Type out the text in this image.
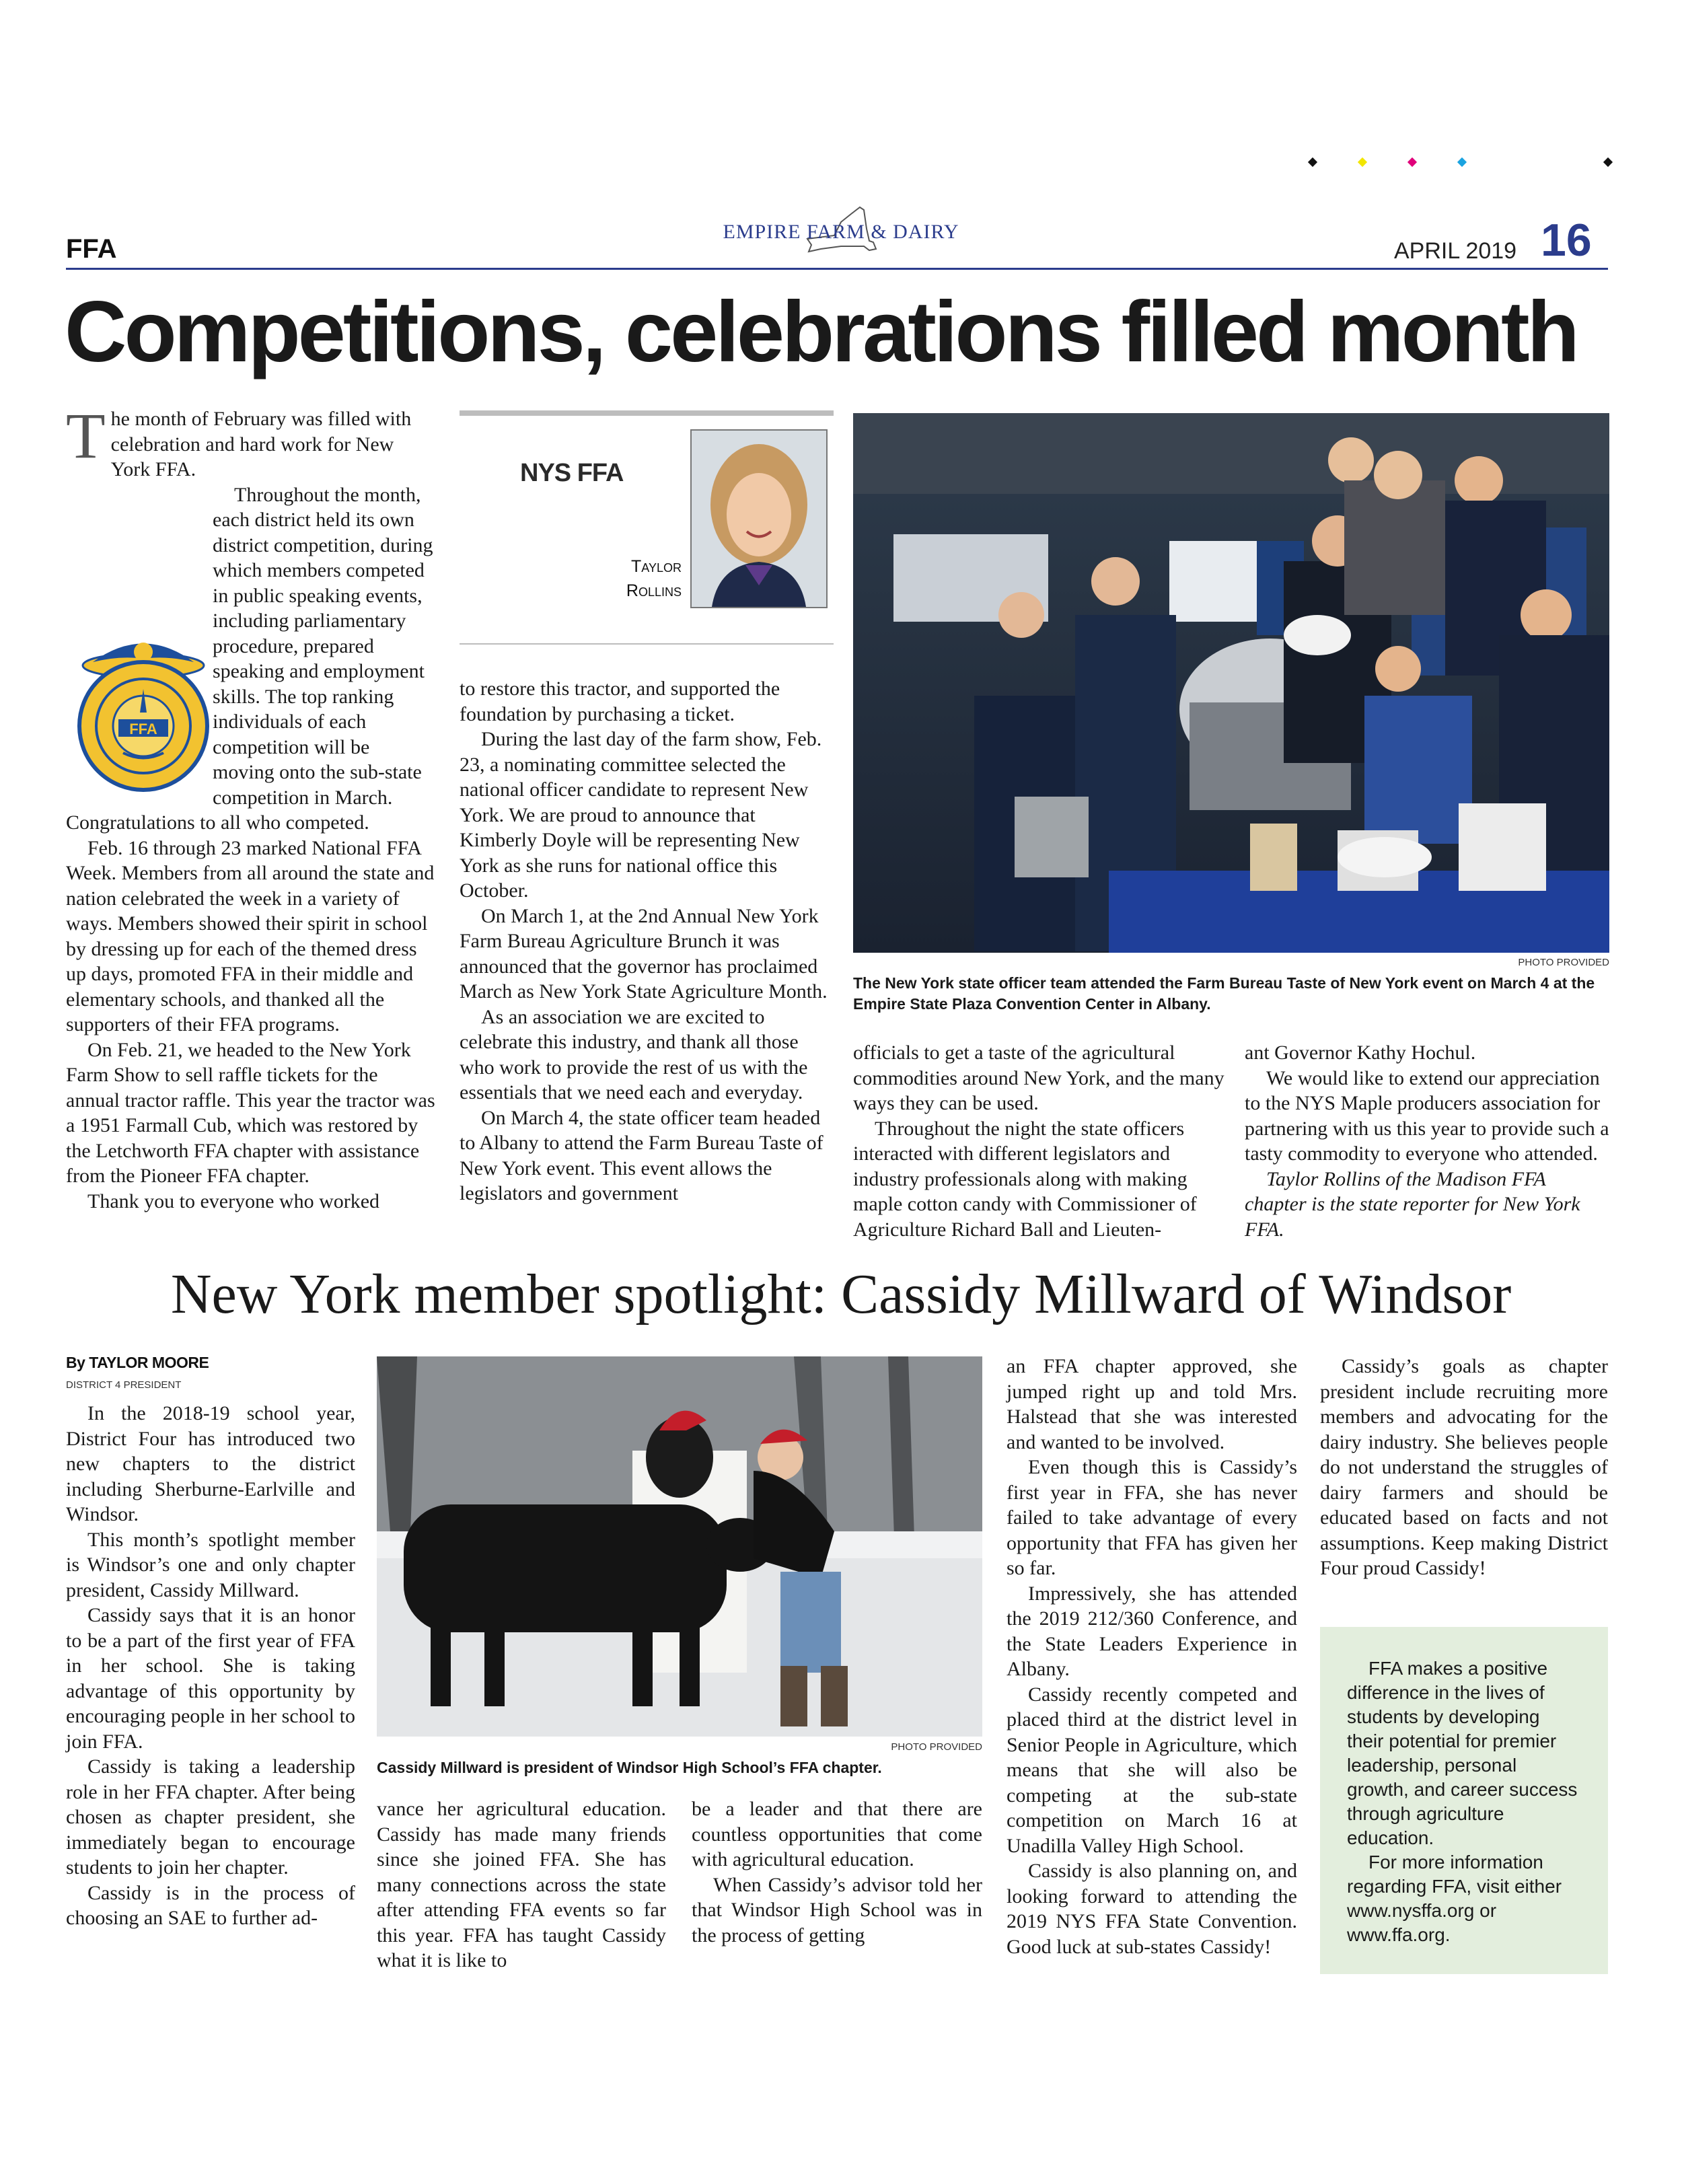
FFA
EMPIRE FARM & DAIRY
APRIL 2019 16
Competitions, celebrations filled month

T he month of February was filled with celebration and hard work for New York FFA.

FFA
Throughout the month, each district held its own district competition, during which members competed in public speaking events, including parliamentary procedure, prepared speaking and employment skills. The top ranking individuals of each competition will be moving onto the sub-state competition in March. Congratulations to all who competed.

Feb. 16 through 23 marked National FFA Week. Members from all around the state and nation celebrated the week in a variety of ways. Members showed their spirit in school by dressing up for each of the themed dress up days, promoted FFA in their middle and elementary schools, and thanked all the supporters of their FFA programs.

On Feb. 21, we headed to the New York Farm Show to sell raffle tickets for the annual tractor raffle. This year the tractor was a 1951 Farmall Cub, which was restored by the Letchworth FFA chapter with assistance from the Pioneer FFA chapter.

Thank you to everyone who worked

NYS FFA
Taylor
Rollins

to restore this tractor, and supported the foundation by purchasing a ticket.

During the last day of the farm show, Feb. 23, a nominating committee selected the national officer candidate to represent New York. We are proud to announce that Kimberly Doyle will be representing New York as she runs for national office this October.

On March 1, at the 2nd Annual New York Farm Bureau Agriculture Brunch it was announced that the governor has proclaimed March as New York State Agriculture Month.

As an association we are excited to celebrate this industry, and thank all those who work to provide the rest of us with the essentials that we need each and everyday.

On March 4, the state officer team headed to Albany to attend the Farm Bureau Taste of New York event. This event allows the legislators and government

PHOTO PROVIDED
The New York state officer team attended the Farm Bureau Taste of New York event on March 4 at the Empire State Plaza Convention Center in Albany.

officials to get a taste of the agricultural commodities around New York, and the many ways they can be used.

Throughout the night the state officers interacted with different legislators and industry professionals along with making maple cotton candy with Commissioner of Agriculture Richard Ball and Lieuten-

ant Governor Kathy Hochul.

We would like to extend our appreciation to the NYS Maple producers association for partnering with us this year to provide such a tasty commodity to everyone who attended.

Taylor Rollins of the Madison FFA chapter is the state reporter for New York FFA.

New York member spotlight: Cassidy Millward of Windsor
By TAYLOR MOORE
DISTRICT 4 PRESIDENT

In the 2018-19 school year, District Four has introduced two new chapters to the district including Sherburne-Earlville and Windsor.

This month’s spotlight member is Windsor’s one and only chapter president, Cassidy Millward.

Cassidy says that it is an honor to be a part of the first year of FFA in her school. She is taking advantage of this opportunity by encouraging people in her school to join FFA.

Cassidy is taking a leadership role in her FFA chapter. After being chosen as chapter president, she immediately began to encourage students to join her chapter.

Cassidy is in the process of choosing an SAE to further ad-

PHOTO PROVIDED
Cassidy Millward is president of Windsor High School’s FFA chapter.

vance her agricultural education. Cassidy has made many friends since she joined FFA. She has many connections across the state after attending FFA events so far this year. FFA has taught Cassidy what it is like to

be a leader and that there are countless opportunities that come with agricultural education.

When Cassidy’s advisor told her that Windsor High School was in the process of getting

an FFA chapter approved, she jumped right up and told Mrs. Halstead that she was interested and wanted to be involved.

Even though this is Cassidy’s first year in FFA, she has never failed to take advantage of every opportunity that FFA has given her so far.

Impressively, she has attended the 2019 212/360 Conference, and the State Leaders Experience in Albany.

Cassidy recently competed and placed third at the district level in Senior People in Agriculture, which means that she will also be competing at the sub-state competition on March 16 at Unadilla Valley High School.

Cassidy is also planning on, and looking forward to attending the 2019 NYS FFA State Convention. Good luck at sub-states Cassidy!

Cassidy’s goals as chapter president include recruiting more members and advocating for the dairy industry. She believes people do not understand the struggles of dairy farmers and should be educated based on facts and not assumptions. Keep making District Four proud Cassidy!

FFA makes a positive difference in the lives of students by developing their potential for premier leadership, personal growth, and career success through agriculture education.

For more information regarding FFA, visit either www.nysffa.org or www.ffa.org.
